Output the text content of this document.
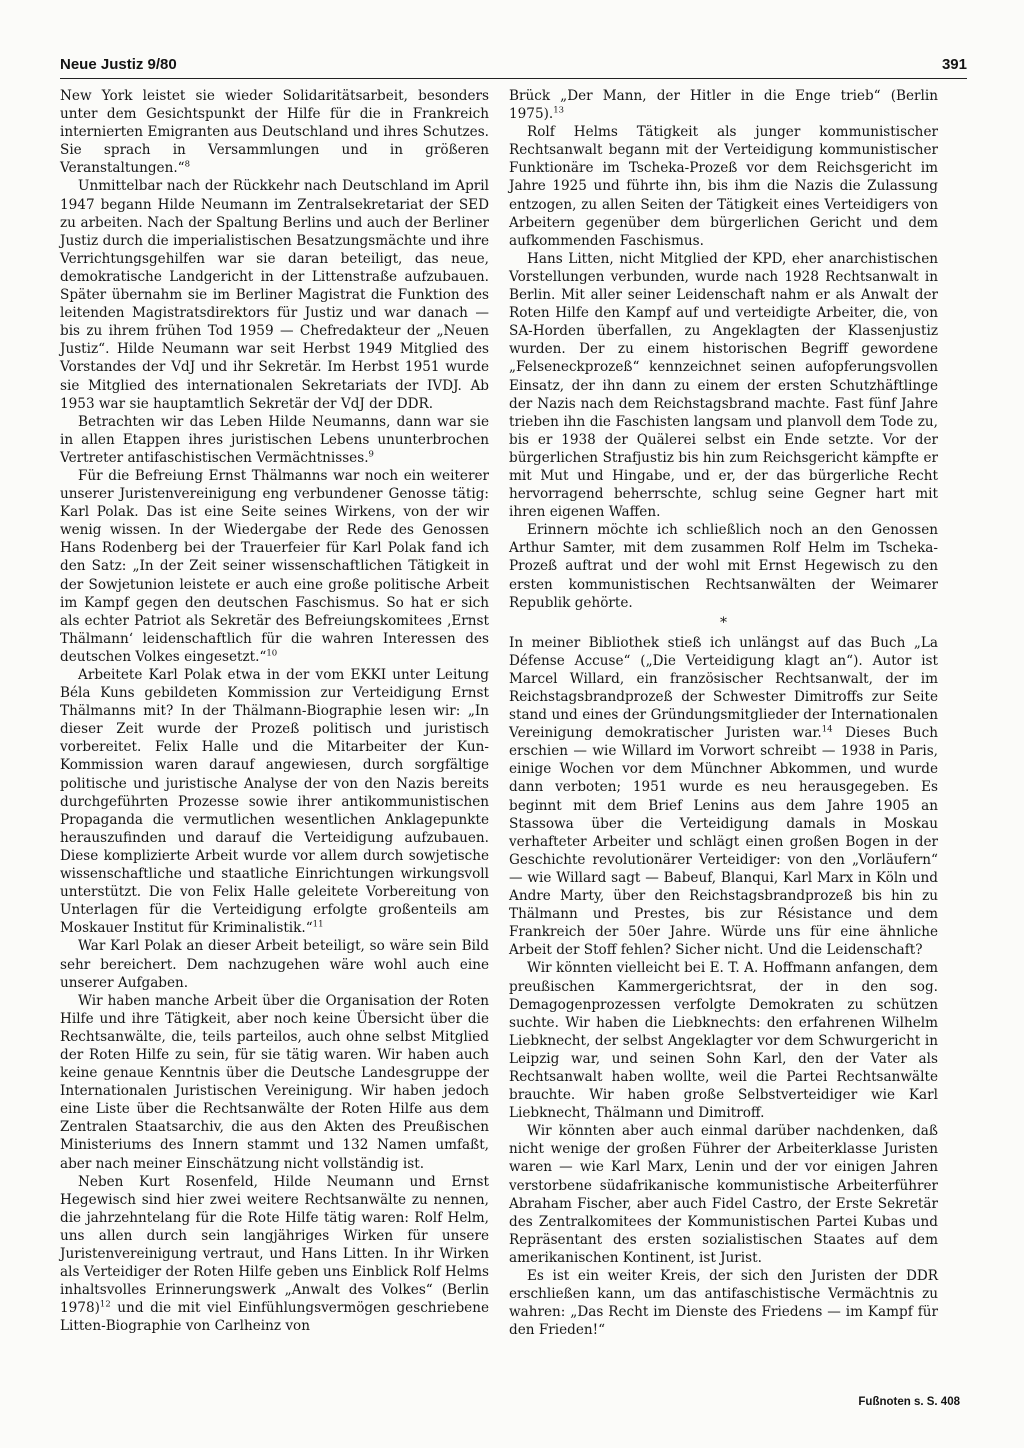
Neue Justiz 9/80	391

New York leistet sie wieder Solidaritätsarbeit, besonders unter dem Gesichtspunkt der Hilfe für die in Frankreich internierten Emigranten aus Deutschland und ihres Schutzes. Sie sprach in Versammlungen und in größeren Veranstaltungen.“$^8$

Unmittelbar nach der Rückkehr nach Deutschland im April 1947 begann Hilde Neumann im Zentralsekretariat der SED zu arbeiten. Nach der Spaltung Berlins und auch der Berliner Justiz durch die imperialistischen Besatzungsmächte und ihre Verrichtungsgehilfen war sie daran beteiligt, das neue, demokratische Landgericht in der Littenstraße aufzubauen. Später übernahm sie im Berliner Magistrat die Funktion des leitenden Magistratsdirektors für Justiz und war danach — bis zu ihrem frühen Tod 1959 — Chefredakteur der „Neuen Justiz“. Hilde Neumann war seit Herbst 1949 Mitglied des Vorstandes der VdJ und ihr Sekretär. Im Herbst 1951 wurde sie Mitglied des internationalen Sekretariats der IVDJ. Ab 1953 war sie hauptamtlich Sekretär der VdJ der DDR.

Betrachten wir das Leben Hilde Neumanns, dann war sie in allen Etappen ihres juristischen Lebens ununterbrochen Vertreter antifaschistischen Vermächtnisses.$^9$

Für die Befreiung Ernst Thälmanns war noch ein weiterer unserer Juristenvereinigung eng verbundener Genosse tätig: Karl Polak. Das ist eine Seite seines Wirkens, von der wir wenig wissen. In der Wiedergabe der Rede des Genossen Hans Rodenberg bei der Trauerfeier für Karl Polak fand ich den Satz: „In der Zeit seiner wissenschaftlichen Tätigkeit in der Sowjetunion leistete er auch eine große politische Arbeit im Kampf gegen den deutschen Faschismus. So hat er sich als echter Patriot als Sekretär des Befreiungskomitees ‚Ernst Thälmann‘ leidenschaftlich für die wahren Interessen des deutschen Volkes eingesetzt.“$^{10}$

Arbeitete Karl Polak etwa in der vom EKKI unter Leitung Béla Kuns gebildeten Kommission zur Verteidigung Ernst Thälmanns mit? In der Thälmann-Biographie lesen wir: „In dieser Zeit wurde der Prozeß politisch und juristisch vorbereitet. Felix Halle und die Mitarbeiter der Kun-Kommission waren darauf angewiesen, durch sorgfältige politische und juristische Analyse der von den Nazis bereits durchgeführten Prozesse sowie ihrer antikommunistischen Propaganda die vermutlichen wesentlichen Anklagepunkte herauszufinden und darauf die Verteidigung aufzubauen. Diese komplizierte Arbeit wurde vor allem durch sowjetische wissenschaftliche und staatliche Einrichtungen wirkungsvoll unterstützt. Die von Felix Halle geleitete Vorbereitung von Unterlagen für die Verteidigung erfolgte großenteils am Moskauer Institut für Kriminalistik.“$^{11}$

War Karl Polak an dieser Arbeit beteiligt, so wäre sein Bild sehr bereichert. Dem nachzugehen wäre wohl auch eine unserer Aufgaben.

Wir haben manche Arbeit über die Organisation der Roten Hilfe und ihre Tätigkeit, aber noch keine Übersicht über die Rechtsanwälte, die, teils parteilos, auch ohne selbst Mitglied der Roten Hilfe zu sein, für sie tätig waren. Wir haben auch keine genaue Kenntnis über die Deutsche Landesgruppe der Internationalen Juristischen Vereinigung. Wir haben jedoch eine Liste über die Rechtsanwälte der Roten Hilfe aus dem Zentralen Staatsarchiv, die aus den Akten des Preußischen Ministeriums des Innern stammt und 132 Namen umfaßt, aber nach meiner Einschätzung nicht vollständig ist.

Neben Kurt Rosenfeld, Hilde Neumann und Ernst Hegewisch sind hier zwei weitere Rechtsanwälte zu nennen, die jahrzehntelang für die Rote Hilfe tätig waren: Rolf Helm, uns allen durch sein langjähriges Wirken für unsere Juristenvereinigung vertraut, und Hans Litten. In ihr Wirken als Verteidiger der Roten Hilfe geben uns Einblick Rolf Helms inhaltsvolles Erinnerungswerk „Anwalt des Volkes“ (Berlin 1978)$^{12}$ und die mit viel Einfühlungsvermögen geschriebene Litten-Biographie von Carlheinz von

Brück „Der Mann, der Hitler in die Enge trieb“ (Berlin 1975).$^{13}$

Rolf Helms Tätigkeit als junger kommunistischer Rechtsanwalt begann mit der Verteidigung kommunistischer Funktionäre im Tscheka-Prozeß vor dem Reichsgericht im Jahre 1925 und führte ihn, bis ihm die Nazis die Zulassung entzogen, zu allen Seiten der Tätigkeit eines Verteidigers von Arbeitern gegenüber dem bürgerlichen Gericht und dem aufkommenden Faschismus.

Hans Litten, nicht Mitglied der KPD, eher anarchistischen Vorstellungen verbunden, wurde nach 1928 Rechtsanwalt in Berlin. Mit aller seiner Leidenschaft nahm er als Anwalt der Roten Hilfe den Kampf auf und verteidigte Arbeiter, die, von SA-Horden überfallen, zu Angeklagten der Klassenjustiz wurden. Der zu einem historischen Begriff gewordene „Felseneckprozeß“ kennzeichnet seinen aufopferungsvollen Einsatz, der ihn dann zu einem der ersten Schutzhäftlinge der Nazis nach dem Reichstagsbrand machte. Fast fünf Jahre trieben ihn die Faschisten langsam und planvoll dem Tode zu, bis er 1938 der Quälerei selbst ein Ende setzte. Vor der bürgerlichen Strafjustiz bis hin zum Reichsgericht kämpfte er mit Mut und Hingabe, und er, der das bürgerliche Recht hervorragend beherrschte, schlug seine Gegner hart mit ihren eigenen Waffen.

Erinnern möchte ich schließlich noch an den Genossen Arthur Samter, mit dem zusammen Rolf Helm im Tscheka-Prozeß auftrat und der wohl mit Ernst Hegewisch zu den ersten kommunistischen Rechtsanwälten der Weimarer Republik gehörte.

*

In meiner Bibliothek stieß ich unlängst auf das Buch „La Défense Accuse“ („Die Verteidigung klagt an“). Autor ist Marcel Willard, ein französischer Rechtsanwalt, der im Reichstagsbrandprozeß der Schwester Dimitroffs zur Seite stand und eines der Gründungsmitglieder der Internationalen Vereinigung demokratischer Juristen war.$^{14}$ Dieses Buch erschien — wie Willard im Vorwort schreibt — 1938 in Paris, einige Wochen vor dem Münchner Abkommen, und wurde dann verboten; 1951 wurde es neu herausgegeben. Es beginnt mit dem Brief Lenins aus dem Jahre 1905 an Stassowa über die Verteidigung damals in Moskau verhafteter Arbeiter und schlägt einen großen Bogen in der Geschichte revolutionärer Verteidiger: von den „Vorläufern“ — wie Willard sagt — Babeuf, Blanqui, Karl Marx in Köln und Andre Marty, über den Reichstagsbrandprozeß bis hin zu Thälmann und Prestes, bis zur Résistance und dem Frankreich der 50er Jahre. Würde uns für eine ähnliche Arbeit der Stoff fehlen? Sicher nicht. Und die Leidenschaft?

Wir könnten vielleicht bei E. T. A. Hoffmann anfangen, dem preußischen Kammergerichtsrat, der in den sog. Demagogenprozessen verfolgte Demokraten zu schützen suchte. Wir haben die Liebknechts: den erfahrenen Wilhelm Liebknecht, der selbst Angeklagter vor dem Schwurgericht in Leipzig war, und seinen Sohn Karl, den der Vater als Rechtsanwalt haben wollte, weil die Partei Rechtsanwälte brauchte. Wir haben große Selbstverteidiger wie Karl Liebknecht, Thälmann und Dimitroff.

Wir könnten aber auch einmal darüber nachdenken, daß nicht wenige der großen Führer der Arbeiterklasse Juristen waren — wie Karl Marx, Lenin und der vor einigen Jahren verstorbene südafrikanische kommunistische Arbeiterführer Abraham Fischer, aber auch Fidel Castro, der Erste Sekretär des Zentralkomitees der Kommunistischen Partei Kubas und Repräsentant des ersten sozialistischen Staates auf dem amerikanischen Kontinent, ist Jurist.

Es ist ein weiter Kreis, der sich den Juristen der DDR erschließen kann, um das antifaschistische Vermächtnis zu wahren: „Das Recht im Dienste des Friedens — im Kampf für den Frieden!“

Fußnoten s. S. 408
